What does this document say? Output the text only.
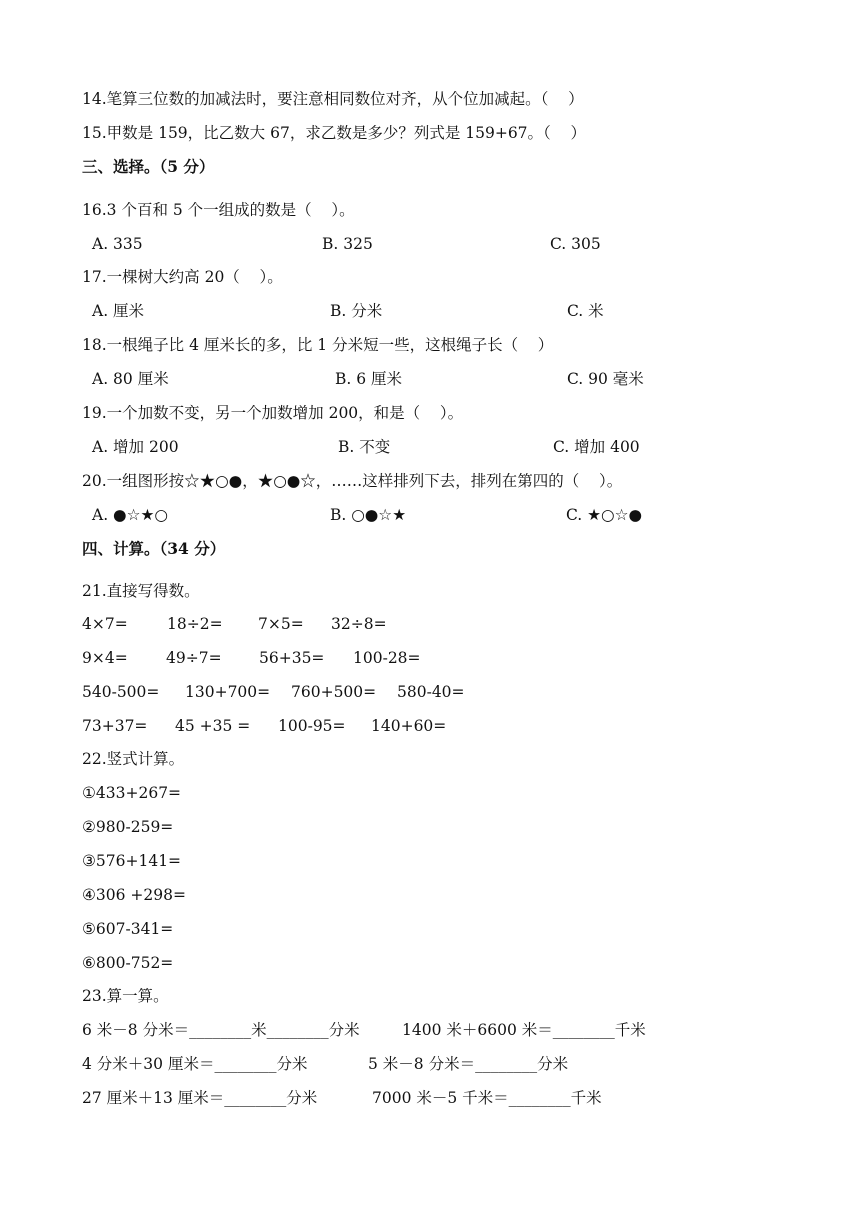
14.笔算三位数的加减法时，要注意相同数位对齐，从个位加减起。（    ）
15.甲数是 159，比乙数大 67，求乙数是多少？列式是 159+67。（    ）
三、选择。（5 分）
16.3 个百和 5 个一组成的数是（    ）。
A. 335	B. 325	C. 305
17.一棵树大约高 20（    ）。
A. 厘米	B. 分米	C. 米
18.一根绳子比 4 厘米长的多，比 1 分米短一些，这根绳子长（    ）
A. 80 厘米	B. 6 厘米	C. 90 毫米
19.一个加数不变，另一个加数增加 200，和是（    ）。
A. 增加 200	B. 不变	C. 增加 400
20.一组图形按☆★○●，★○●☆，……这样排列下去，排列在第四的（    ）。
A. ●☆★○	B. ○●☆★	C. ★○☆●
四、计算。（34 分）
21.直接写得数。
4×7=	18÷2= 7×5= 32÷8=
9×4= 49÷7= 56+35= 100-28=
540-500= 130+700= 760+500= 580-40=
73+37= 45 +35 = 100-95= 140+60=
22.竖式计算。
①433+267=
②980-259=
③576+141=
④306 +298=
⑤607-341=
⑥800-752=
23.算一算。
6 米－8 分米＝________米________分米	1400 米＋6600 米＝________千米
4 分米＋30 厘米＝________分米	5 米－8 分米＝________分米
27 厘米＋13 厘米＝________分米	7000 米－5 千米＝________千米
